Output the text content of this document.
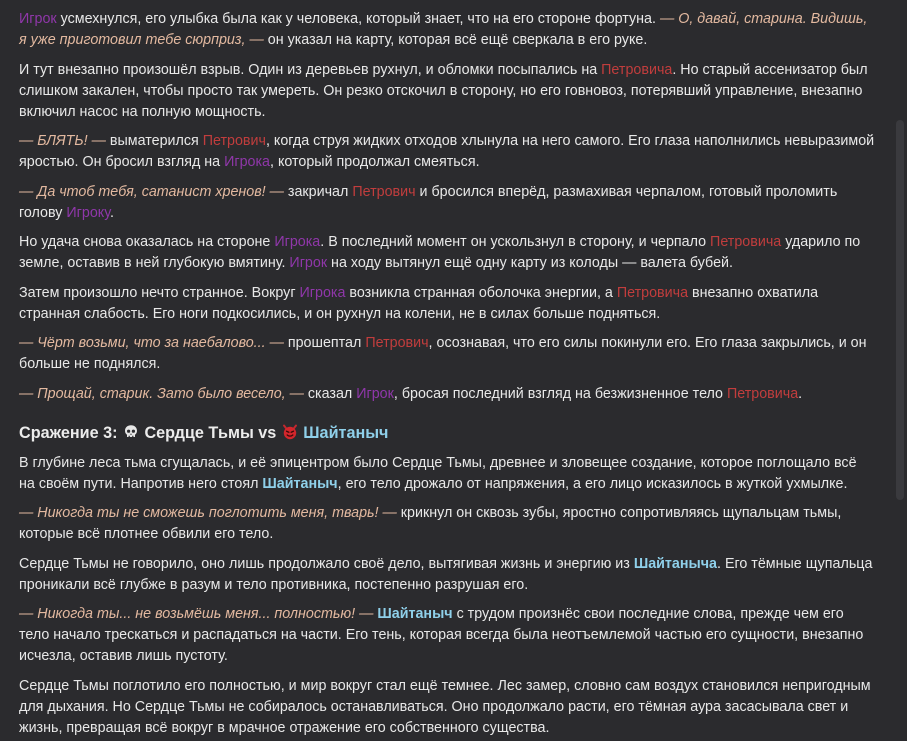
Игрок усмехнулся, его улыбка была как у человека, который знает, что на его стороне фортуна. — О, давай, старина. Видишь, я уже приготовил тебе сюрприз, — он указал на карту, которая всё ещё сверкала в его руке.

И тут внезапно произошёл взрыв. Один из деревьев рухнул, и обломки посыпались на Петровича. Но старый ассенизатор был слишком закален, чтобы просто так умереть. Он резко отскочил в сторону, но его говновоз, потерявший управление, внезапно включил насос на полную мощность.

— БЛЯТЬ! — выматерился Петрович, когда струя жидких отходов хлынула на него самого. Его глаза наполнились невыразимой яростью. Он бросил взгляд на Игрока, который продолжал смеяться.

— Да чтоб тебя, сатанист хренов! — закричал Петрович и бросился вперёд, размахивая черпалом, готовый проломить голову Игроку.

Но удача снова оказалась на стороне Игрока. В последний момент он ускользнул в сторону, и черпало Петровича ударило по земле, оставив в ней глубокую вмятину. Игрок на ходу вытянул ещё одну карту из колоды — валета бубей.

Затем произошло нечто странное. Вокруг Игрока возникла странная оболочка энергии, а Петровича внезапно охватила странная слабость. Его ноги подкосились, и он рухнул на колени, не в силах больше подняться.

— Чёрт возьми, что за наебалово... — прошептал Петрович, осознавая, что его силы покинули его. Его глаза закрылись, и он больше не поднялся.

— Прощай, старик. Зато было весело, — сказал Игрок, бросая последний взгляд на безжизненное тело Петровича.

Сражение 3:  Сердце Тьмы vs  Шайтаныч

В глубине леса тьма сгущалась, и её эпицентром было Сердце Тьмы, древнее и зловещее создание, которое поглощало всё на своём пути. Напротив него стоял Шайтаныч, его тело дрожало от напряжения, а его лицо исказилось в жуткой ухмылке.

— Никогда ты не сможешь поглотить меня, тварь! — крикнул он сквозь зубы, яростно сопротивляясь щупальцам тьмы, которые всё плотнее обвили его тело.

Сердце Тьмы не говорило, оно лишь продолжало своё дело, вытягивая жизнь и энергию из Шайтаныча. Его тёмные щупальца проникали всё глубже в разум и тело противника, постепенно разрушая его.

— Никогда ты... не возьмёшь меня... полностью! — Шайтаныч с трудом произнёс свои последние слова, прежде чем его тело начало трескаться и распадаться на части. Его тень, которая всегда была неотъемлемой частью его сущности, внезапно исчезла, оставив лишь пустоту.

Сердце Тьмы поглотило его полностью, и мир вокруг стал ещё темнее. Лес замер, словно сам воздух становился непригодным для дыхания. Но Сердце Тьмы не собиралось останавливаться. Оно продолжало расти, его тёмная аура засасывала свет и жизнь, превращая всё вокруг в мрачное отражение его собственного существа.
